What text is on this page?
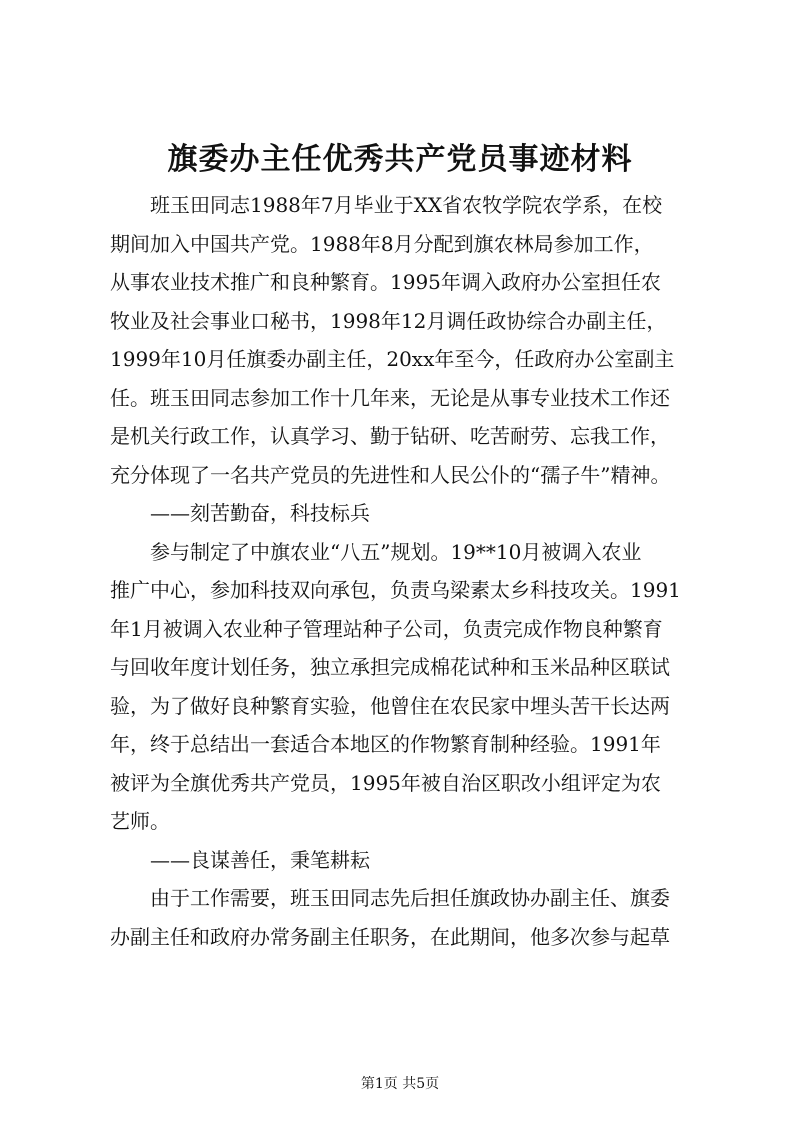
旗委办主任优秀共产党员事迹材料
班玉田同志1988年7月毕业于XX省农牧学院农学系，在校
期间加入中国共产党。1988年8月分配到旗农林局参加工作，
从事农业技术推广和良种繁育。1995年调入政府办公室担任农
牧业及社会事业口秘书，1998年12月调任政协综合办副主任，
1999年10月任旗委办副主任，20xx年至今，任政府办公室副主
任。班玉田同志参加工作十几年来，无论是从事专业技术工作还
是机关行政工作，认真学习、勤于钻研、吃苦耐劳、忘我工作，
充分体现了一名共产党员的先进性和人民公仆的“孺子牛”精神。
——刻苦勤奋，科技标兵
参与制定了中旗农业“八五”规划。19**10月被调入农业
推广中心，参加科技双向承包，负责乌梁素太乡科技攻关。1991
年1月被调入农业种子管理站种子公司，负责完成作物良种繁育
与回收年度计划任务，独立承担完成棉花试种和玉米品种区联试
验，为了做好良种繁育实验，他曾住在农民家中埋头苦干长达两
年，终于总结出一套适合本地区的作物繁育制种经验。1991年
被评为全旗优秀共产党员，1995年被自治区职改小组评定为农
艺师。
——良谋善任，秉笔耕耘
由于工作需要，班玉田同志先后担任旗政协办副主任、旗委
办副主任和政府办常务副主任职务，在此期间，他多次参与起草
第1页 共5页
